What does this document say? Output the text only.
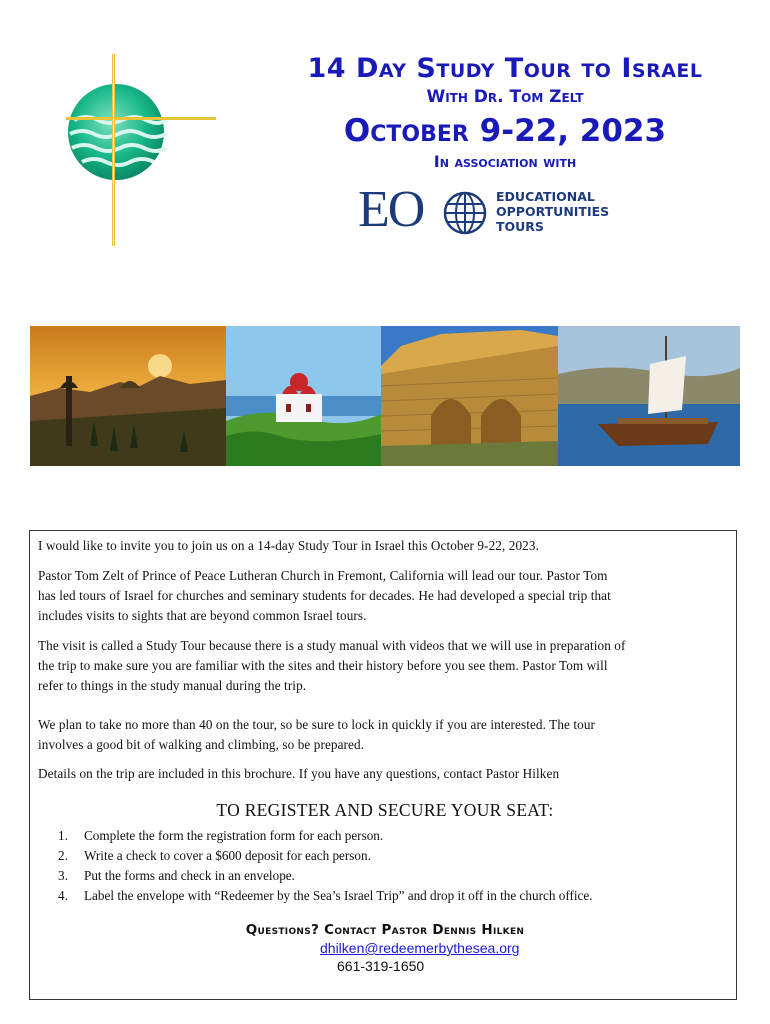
14 Day Study Tour to Israel

With Dr. Tom Zelt

October 9-22, 2023

In association with

EO	EDUCATIONAL
OPPORTUNITIES
TOURS

I would like to invite you to join us on a 14-day Study Tour in Israel this October 9-22, 2023.

Pastor Tom Zelt of Prince of Peace Lutheran Church in Fremont, California will lead our tour. Pastor Tom
has led tours of Israel for churches and seminary students for decades. He had developed a special trip that
includes visits to sights that are beyond common Israel tours.
The visit is called a Study Tour because there is a study manual with videos that we will use in preparation of
the trip to make sure you are familiar with the sites and their history before you see them. Pastor Tom will
refer to things in the study manual during the trip.
We plan to take no more than 40 on the tour, so be sure to lock in quickly if you are interested. The tour
involves a good bit of walking and climbing, so be prepared.

Details on the trip are included in this brochure. If you have any questions, contact Pastor Hilken

TO REGISTER AND SECURE YOUR SEAT:
1.	Complete the form the registration form for each person.
2.	Write a check to cover a $600 deposit for each person.
3.	Put the forms and check in an envelope.
4.	Label the envelope with “Redeemer by the Sea’s Israel Trip” and drop it off in the church office.
Questions? Contact Pastor Dennis Hilken
dhilken@redeemerbythesea.org
661-319-1650
